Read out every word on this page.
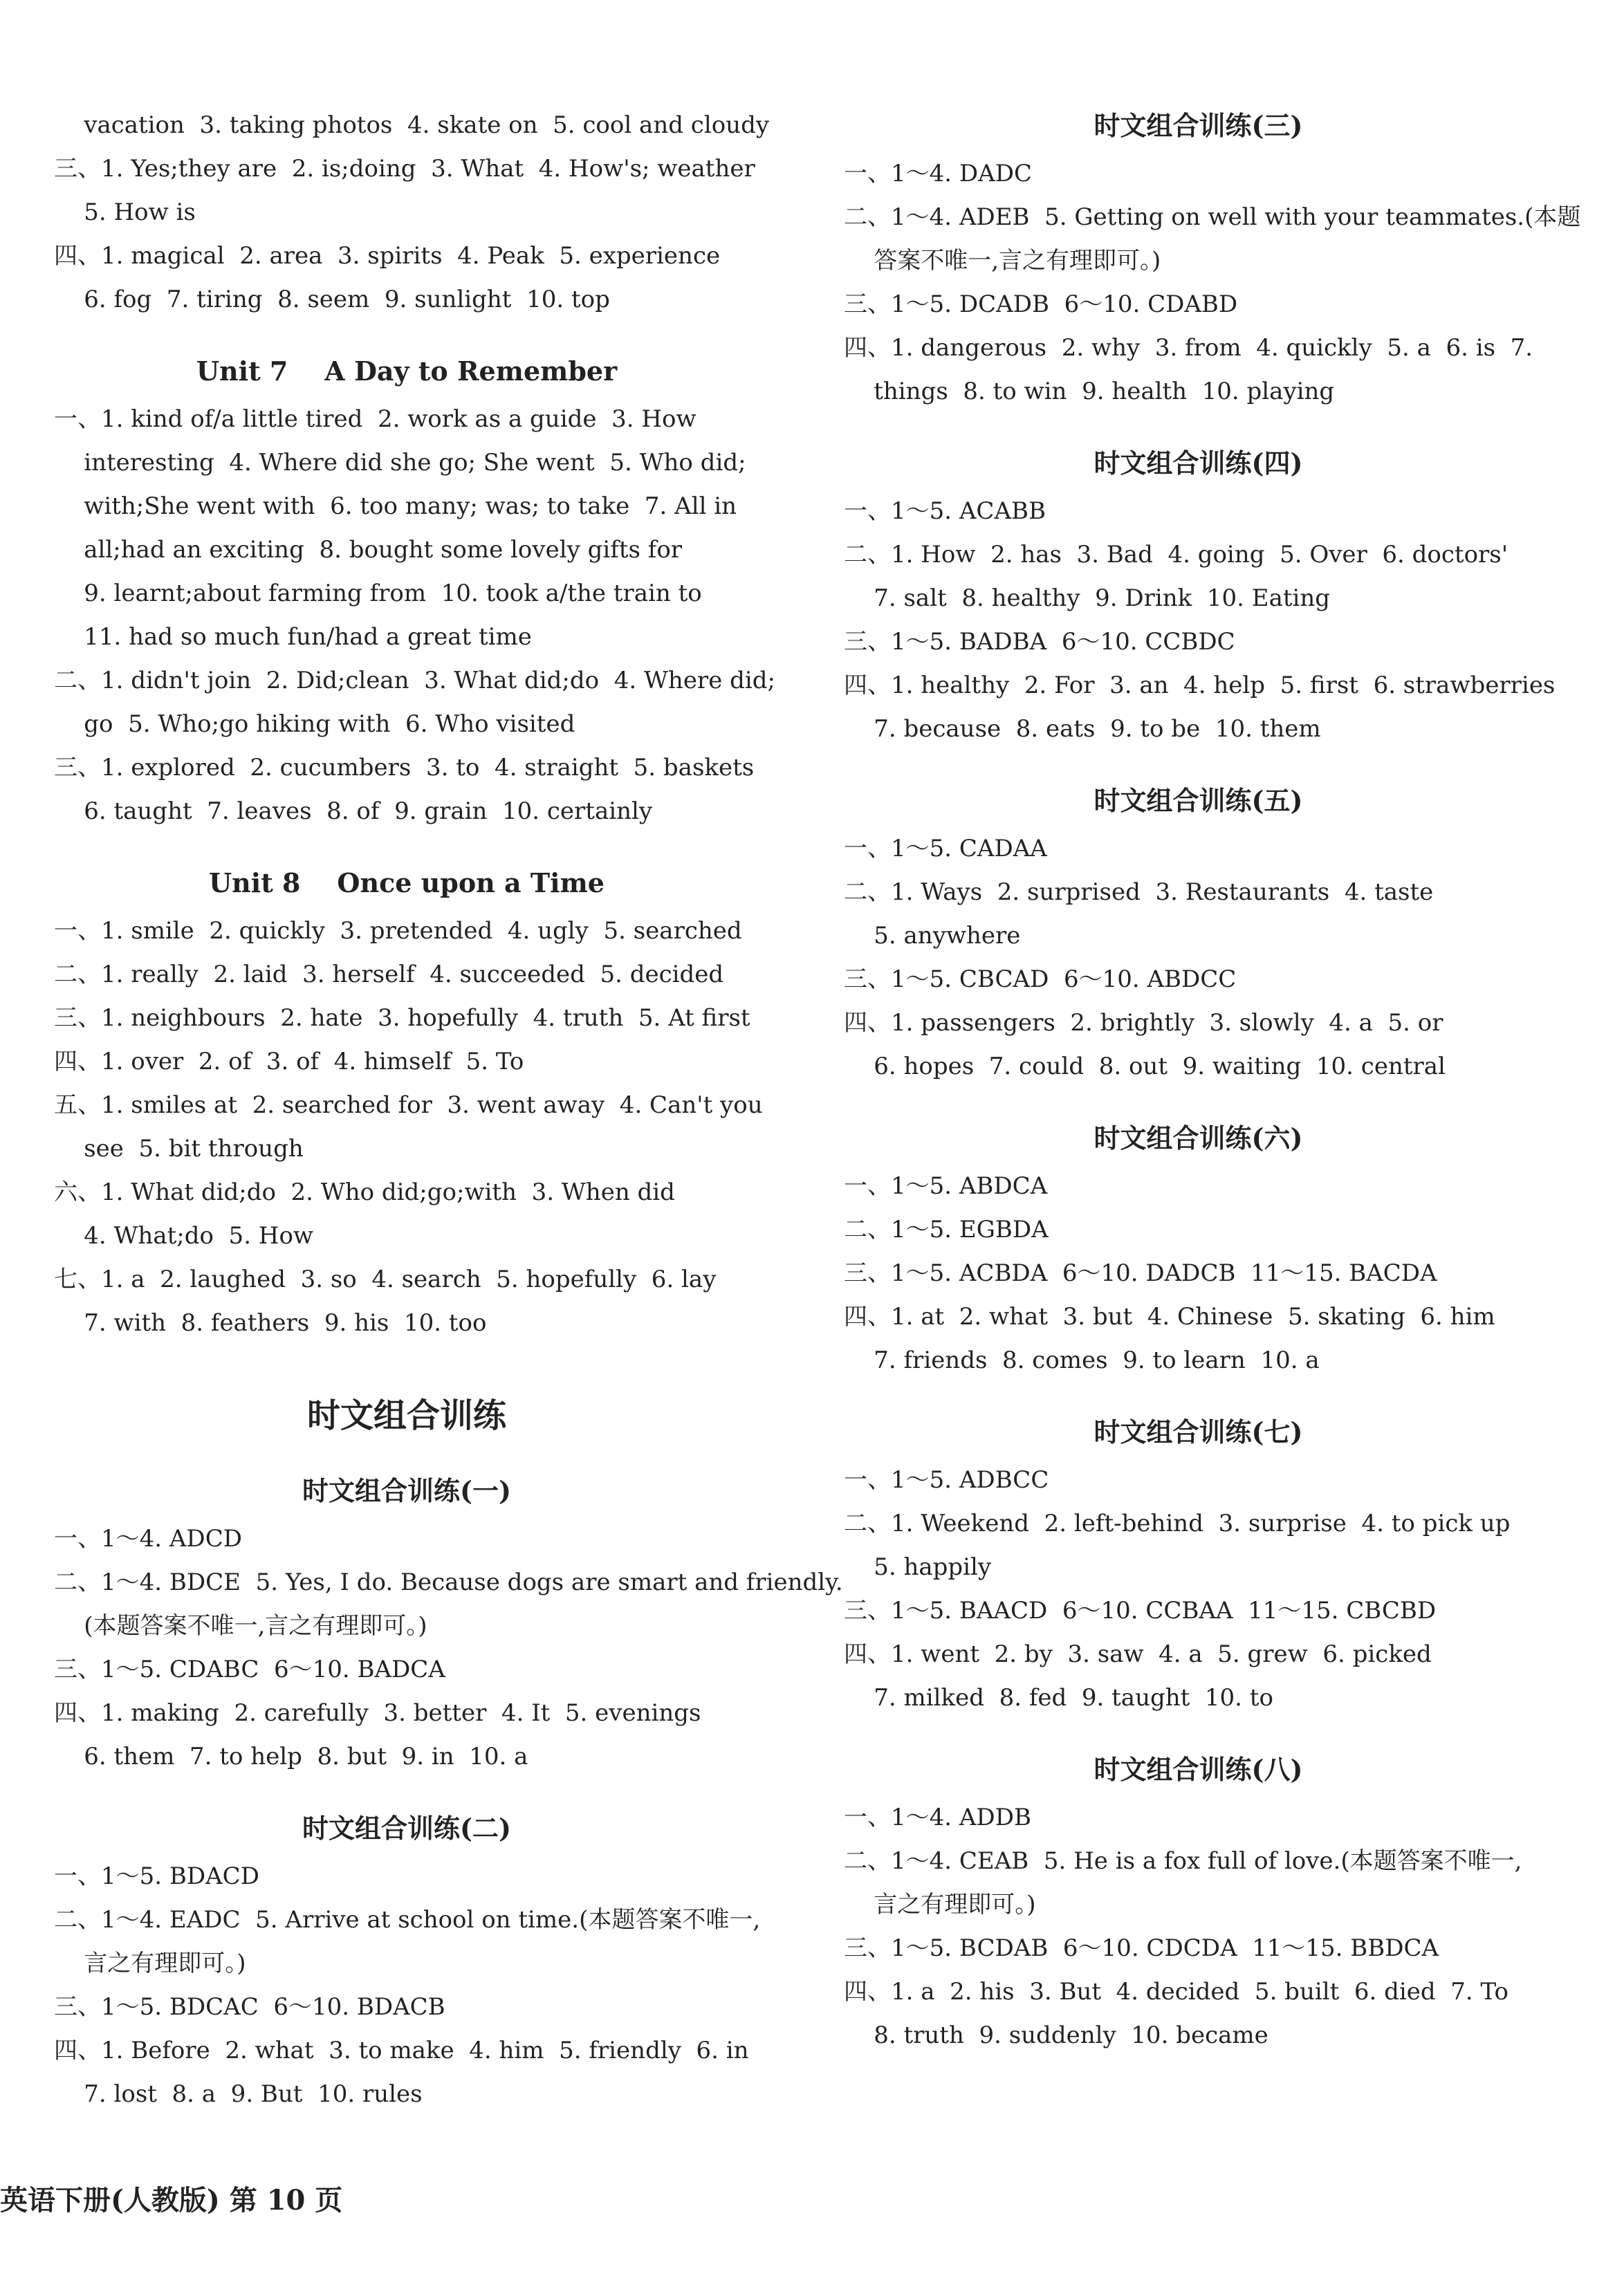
vacation  3. taking photos  4. skate on  5. cool and cloudy
三、1. Yes;they are  2. is;doing  3. What  4. How's; weather
5. How is
四、1. magical  2. area  3. spirits  4. Peak  5. experience
6. fog  7. tiring  8. seem  9. sunlight  10. top
Unit 7    A Day to Remember
一、1. kind of/a little tired  2. work as a guide  3. How
interesting  4. Where did she go; She went  5. Who did;
with;She went with  6. too many; was; to take  7. All in
all;had an exciting  8. bought some lovely gifts for
9. learnt;about farming from  10. took a/the train to
11. had so much fun/had a great time
二、1. didn't join  2. Did;clean  3. What did;do  4. Where did;
go  5. Who;go hiking with  6. Who visited
三、1. explored  2. cucumbers  3. to  4. straight  5. baskets
6. taught  7. leaves  8. of  9. grain  10. certainly
Unit 8    Once upon a Time
一、1. smile  2. quickly  3. pretended  4. ugly  5. searched
二、1. really  2. laid  3. herself  4. succeeded  5. decided
三、1. neighbours  2. hate  3. hopefully  4. truth  5. At first
四、1. over  2. of  3. of  4. himself  5. To
五、1. smiles at  2. searched for  3. went away  4. Can't you
see  5. bit through
六、1. What did;do  2. Who did;go;with  3. When did
4. What;do  5. How
七、1. a  2. laughed  3. so  4. search  5. hopefully  6. lay
7. with  8. feathers  9. his  10. too
时文组合训练
时文组合训练(一)
一、1～4. ADCD
二、1～4. BDCE  5. Yes, I do. Because dogs are smart and friendly.
(本题答案不唯一,言之有理即可。)
三、1～5. CDABC  6～10. BADCA
四、1. making  2. carefully  3. better  4. It  5. evenings
6. them  7. to help  8. but  9. in  10. a
时文组合训练(二)
一、1～5. BDACD
二、1～4. EADC  5. Arrive at school on time.(本题答案不唯一,
言之有理即可。)
三、1～5. BDCAC  6～10. BDACB
四、1. Before  2. what  3. to make  4. him  5. friendly  6. in
7. lost  8. a  9. But  10. rules
时文组合训练(三)
一、1～4. DADC
二、1～4. ADEB  5. Getting on well with your teammates.(本题
答案不唯一,言之有理即可。)
三、1～5. DCADB  6～10. CDABD
四、1. dangerous  2. why  3. from  4. quickly  5. a  6. is  7.
things  8. to win  9. health  10. playing
时文组合训练(四)
一、1～5. ACABB
二、1. How  2. has  3. Bad  4. going  5. Over  6. doctors'
7. salt  8. healthy  9. Drink  10. Eating
三、1～5. BADBA  6～10. CCBDC
四、1. healthy  2. For  3. an  4. help  5. first  6. strawberries
7. because  8. eats  9. to be  10. them
时文组合训练(五)
一、1～5. CADAA
二、1. Ways  2. surprised  3. Restaurants  4. taste
5. anywhere
三、1～5. CBCAD  6～10. ABDCC
四、1. passengers  2. brightly  3. slowly  4. a  5. or
6. hopes  7. could  8. out  9. waiting  10. central
时文组合训练(六)
一、1～5. ABDCA
二、1～5. EGBDA
三、1～5. ACBDA  6～10. DADCB  11～15. BACDA
四、1. at  2. what  3. but  4. Chinese  5. skating  6. him
7. friends  8. comes  9. to learn  10. a
时文组合训练(七)
一、1～5. ADBCC
二、1. Weekend  2. left-behind  3. surprise  4. to pick up
5. happily
三、1～5. BAACD  6～10. CCBAA  11～15. CBCBD
四、1. went  2. by  3. saw  4. a  5. grew  6. picked
7. milked  8. fed  9. taught  10. to
时文组合训练(八)
一、1～4. ADDB
二、1～4. CEAB  5. He is a fox full of love.(本题答案不唯一,
言之有理即可。)
三、1～5. BCDAB  6～10. CDCDA  11～15. BBDCA
四、1. a  2. his  3. But  4. decided  5. built  6. died  7. To
8. truth  9. suddenly  10. became
英语下册(人教版) 第 10 页
